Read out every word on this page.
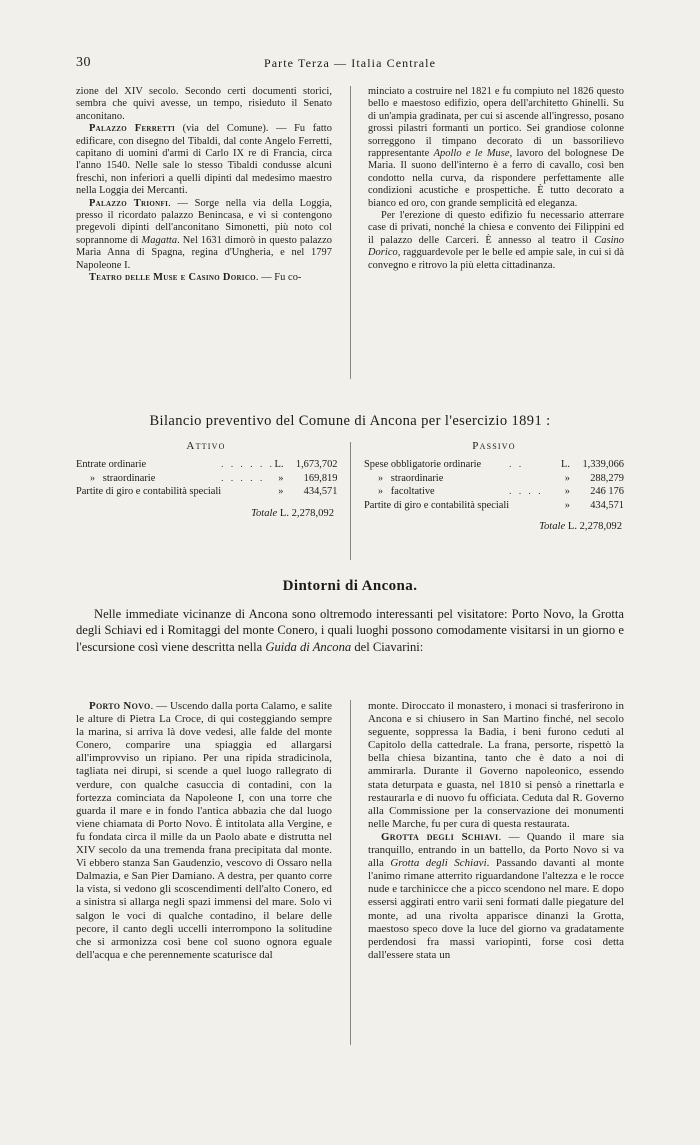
30	Parte Terza — Italia Centrale

zione del XIV secolo. Secondo certi documenti storici, sembra che quivi avesse, un tempo, risieduto il Senato anconitano.

Palazzo Ferretti (via del Comune). — Fu fatto edificare, con disegno del Tibaldi, dal conte Angelo Ferretti, capitano di uomini d'armi di Carlo IX re di Francia, circa l'anno 1540. Nelle sale lo stesso Tibaldi condusse alcuni freschi, non inferiori a quelli dipinti dal medesimo maestro nella Loggia dei Mercanti.

Palazzo Trionfi. — Sorge nella via della Loggia, presso il ricordato palazzo Benincasa, e vi si contengono pregevoli dipinti dell'anconitano Simonetti, più noto col soprannome di Magatta. Nel 1631 dimorò in questo palazzo Maria Anna di Spagna, regina d'Ungheria, e nel 1797 Napoleone I.

Teatro delle Muse e Casino Dorico. — Fu co-

minciato a costruire nel 1821 e fu compiuto nel 1826 questo bello e maestoso edifizio, opera dell'architetto Ghinelli. Su di un'ampia gradinata, per cui si ascende all'ingresso, posano grossi pilastri formanti un portico. Sei grandiose colonne sorreggono il timpano decorato di un bassorilievo rappresentante Apollo e le Muse, lavoro del bolognese De Maria. Il suono dell'interno è a ferro di cavallo, così ben condotto nella curva, da rispondere perfettamente alle condizioni acustiche e prospettiche. È tutto decorato a bianco ed oro, con grande semplicità ed eleganza.

Per l'erezione di questo edifizio fu necessario atterrare case di privati, nonché la chiesa e convento dei Filippini ed il palazzo delle Carceri. È annesso al teatro il Casino Dorico, ragguardevole per le belle ed ampie sale, in cui si dà convegno e ritrovo la più eletta cittadinanza.

Bilancio preventivo del Comune di Ancona per l'esercizio 1891 :
Attivo
Entrate ordinarie	. . . . . .	L.	1,673,702
» straordinarie	. . . . .	»	169,819
Partite di giro e contabilità speciali		»	434,571
Totale L. 2,278,092
Passivo
Spese obbligatorie ordinarie	. .	L.	1,339,066
» straordinarie		»	288,279
» facoltative	. . . .	»	246 176
Partite di giro e contabilità speciali		»	434,571
Totale L. 2,278,092
Dintorni di Ancona.

Nelle immediate vicinanze di Ancona sono oltremodo interessanti pel visitatore: Porto Novo, la Grotta degli Schiavi ed i Romitaggi del monte Conero, i quali luoghi possono comodamente visitarsi in un giorno e l'escursione così viene descritta nella Guida di Ancona del Ciavarini:

Porto Novo. — Uscendo dalla porta Calamo, e salite le alture di Pietra La Croce, di qui costeggiando sempre la marina, si arriva là dove vedesi, alle falde del monte Conero, comparire una spiaggia ed allargarsi all'improvviso un ripiano. Per una ripida stradicinola, tagliata nei dirupi, si scende a quel luogo rallegrato di verdure, con qualche casuccia di contadini, con la fortezza cominciata da Napoleone I, con una torre che guarda il mare e in fondo l'antica abbazia che dal luogo viene chiamata di Porto Novo. È intitolata alla Vergine, e fu fondata circa il mille da un Paolo abate e distrutta nel XIV secolo da una tremenda frana precipitata dal monte. Vi ebbero stanza San Gaudenzio, vescovo di Ossaro nella Dalmazia, e San Pier Damiano. A destra, per quanto corre la vista, si vedono gli scoscendimenti dell'alto Conero, ed a sinistra si allarga negli spazi immensi del mare. Solo vi salgon le voci di qualche contadino, il belare delle pecore, il canto degli uccelli interrompono la solitudine che si armonizza così bene col suono ognora eguale dell'acqua e che perennemente scaturisce dal

monte. Diroccato il monastero, i monaci si trasferirono in Ancona e si chiusero in San Martino finché, nel secolo seguente, soppressa la Badia, i beni furono ceduti al Capitolo della cattedrale. La frana, persorte, rispettò la bella chiesa bizantina, tanto che è dato a noi di ammirarla. Durante il Governo napoleonico, essendo stata deturpata e guasta, nel 1810 si pensò a rinettarla e restaurarla e di nuovo fu officiata. Ceduta dal R. Governo alla Commissione per la conservazione dei monumenti nelle Marche, fu per cura di questa restaurata.

Grotta degli Schiavi. — Quando il mare sia tranquillo, entrando in un battello, da Porto Novo si va alla Grotta degli Schiavi. Passando davanti al monte l'animo rimane atterrito riguardandone l'altezza e le rocce nude e tarchinicce che a picco scendono nel mare. E dopo essersi aggirati entro varii seni formati dalle piegature del monte, ad una rivolta apparisce dinanzi la Grotta, maestoso speco dove la luce del giorno va gradatamente perdendosi fra massi variopinti, forse così detta dall'essere stata un
